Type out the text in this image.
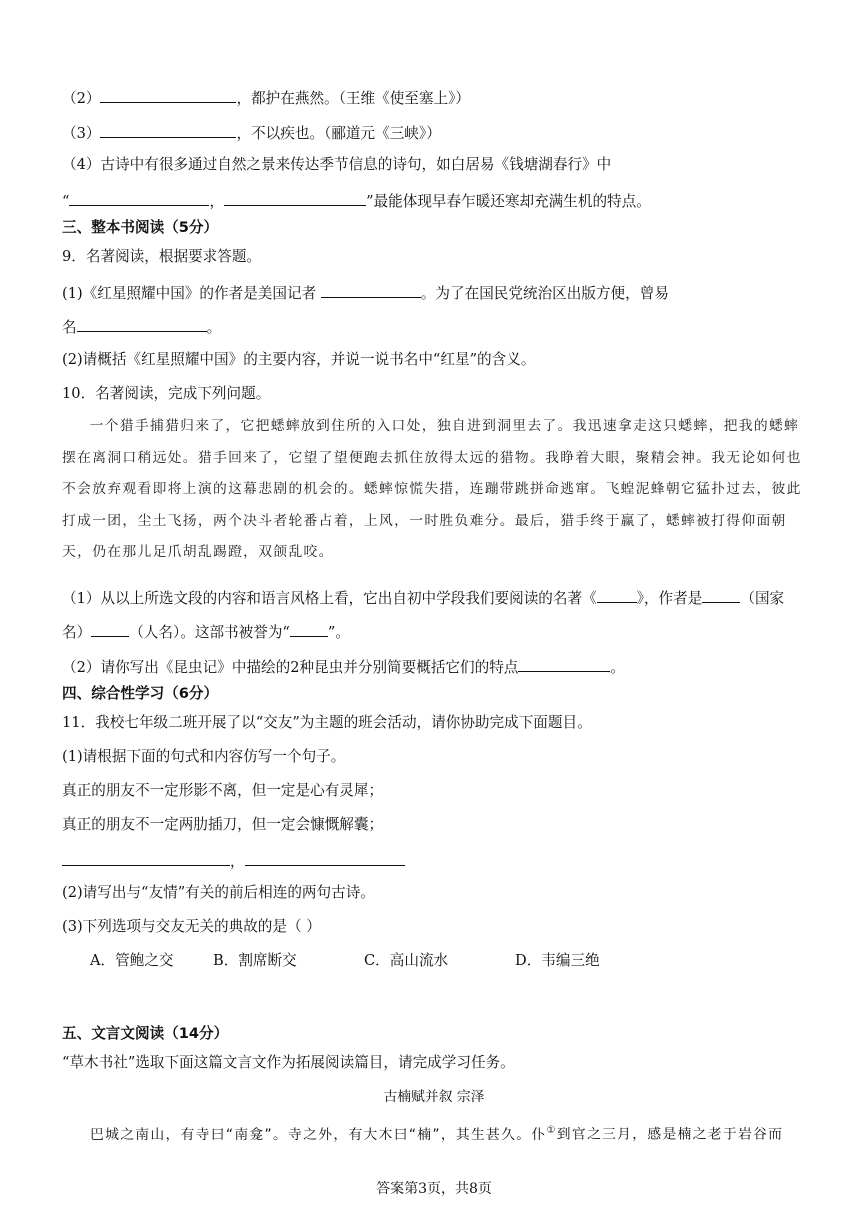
（2）	，都护在燕然。（王维《使至塞上》）
（3）	，不以疾也。（郦道元《三峡》）
（4）古诗中有很多通过自然之景来传达季节信息的诗句，如白居易《钱塘湖春行》中
“	，	”最能体现早春乍暖还寒却充满生机的特点。
三、整本书阅读（5分）
9．名著阅读，根据要求答题。
(1)《红星照耀中国》的作者是美国记者	。为了在国民党统治区出版方便，曾易
名	。
(2)请概括《红星照耀中国》的主要内容，并说一说书名中“红星”的含义。
10．名著阅读，完成下列问题。
一个猎手捕猎归来了，它把蟋蟀放到住所的入口处，独自进到洞里去了。我迅速拿走这只蟋蟀，把我的蟋蟀摆在离洞口稍远处。猎手回来了，它望了望便跑去抓住放得太远的猎物。我睁着大眼，聚精会神。我无论如何也不会放弃观看即将上演的这幕悲剧的机会的。蟋蟀惊慌失措，连蹦带跳拼命逃窜。飞蝗泥蜂朝它猛扑过去，彼此打成一团，尘土飞扬，两个决斗者轮番占着，上风，一时胜负难分。最后，猎手终于赢了，蟋蟀被打得仰面朝天，仍在那儿足爪胡乱踢蹬，双颌乱咬。
（1）从以上所选文段的内容和语言风格上看，它出自初中学段我们要阅读的名著《	》，作者是	（国家
名）	（人名）。这部书被誉为“	”。
（2）请你写出《昆虫记》中描绘的2种昆虫并分别简要概括它们的特点	。
四、综合性学习（6分）
11．我校七年级二班开展了以“交友”为主题的班会活动，请你协助完成下面题目。
(1)请根据下面的句式和内容仿写一个句子。
真正的朋友不一定形影不离，但一定是心有灵犀；
真正的朋友不一定两肋插刀，但一定会慷慨解囊；
，
(2)请写出与“友情”有关的前后相连的两句古诗。
(3)下列选项与交友无关的典故的是（ ）
A．管鲍之交	B．割席断交	C．高山流水	D．韦编三绝
五、文言文阅读（14分）
“草木书社”选取下面这篇文言文作为拓展阅读篇目，请完成学习任务。
古楠赋并叙 宗泽
巴城之南山，有寺曰“南龛”。寺之外，有大木曰“楠”，其生甚久。仆①到官之三月，感是楠之老于岩谷而
答案第3页，共8页
